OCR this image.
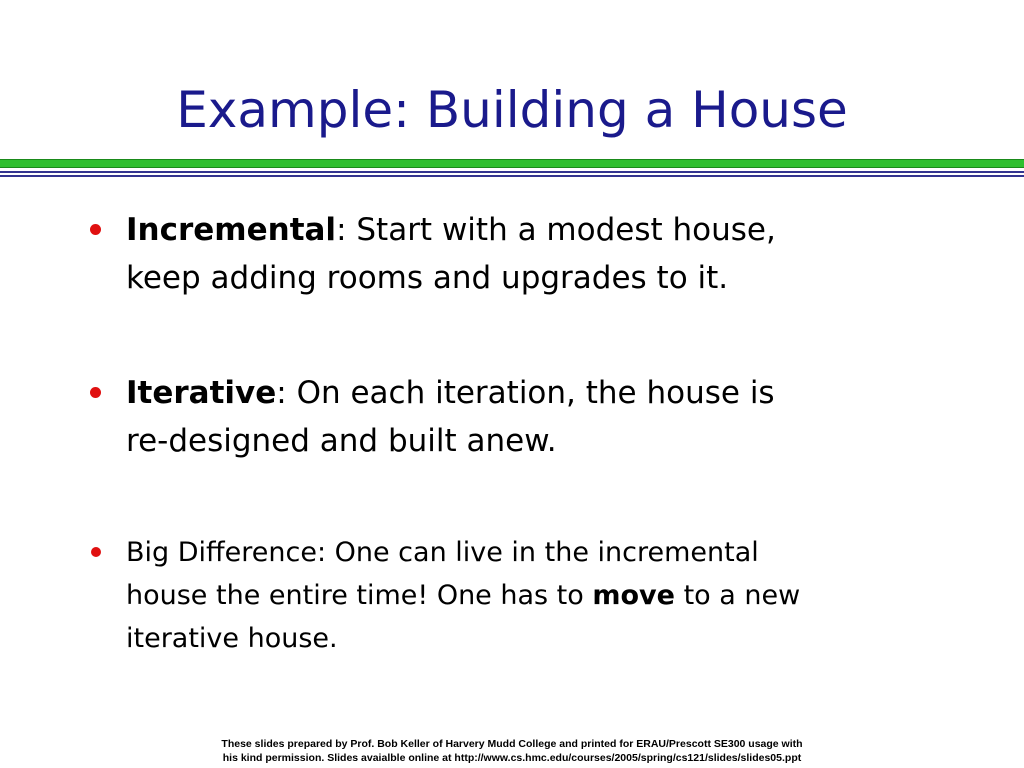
Example: Building a House
Incremental: Start with a modest house,
keep adding rooms and upgrades to it.
Iterative: On each iteration, the house is
re-designed and built anew.
Big Difference: One can live in the incremental
house the entire time! One has to move to a new
iterative house.
These slides prepared by Prof. Bob Keller of Harvery Mudd College and printed for ERAU/Prescott SE300 usage with
his kind permission. Slides avaialble online at http://www.cs.hmc.edu/courses/2005/spring/cs121/slides/slides05.ppt
